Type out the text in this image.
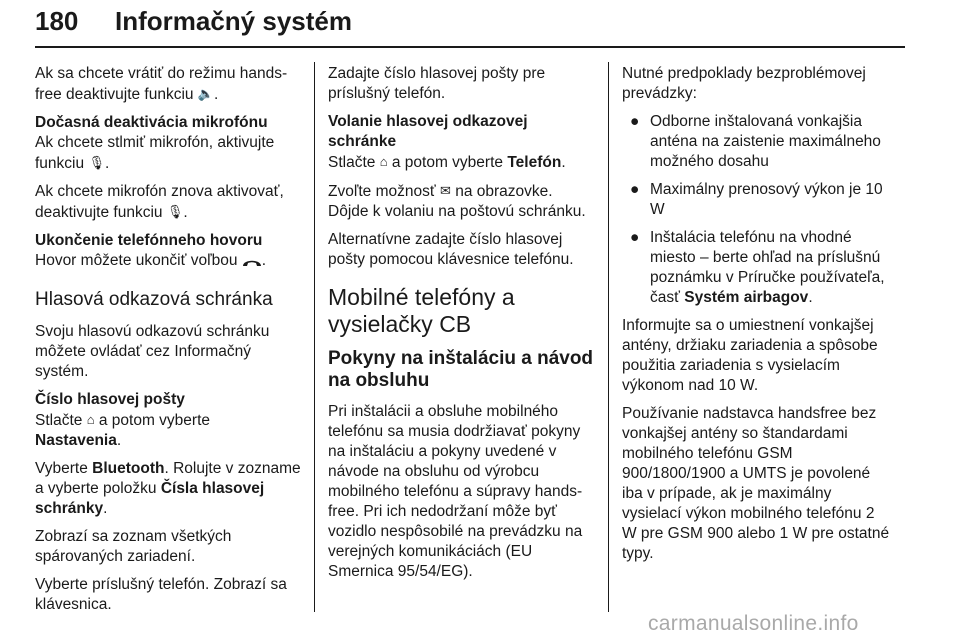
180 Informačný systém

Ak sa chcete vrátiť do režimu hands-free deaktivujte funkciu 🔈.

Dočasná deaktivácia mikrofónu

Ak chcete stlmiť mikrofón, aktivujte funkciu 🎙.

Ak chcete mikrofón znova aktivovať, deaktivujte funkciu 🎙.

Ukončenie telefónneho hovoru

Hovor môžete ukončiť voľbou .

Hlasová odkazová schránka

Svoju hlasovú odkazovú schránku môžete ovládať cez Informačný systém.

Číslo hlasovej pošty

Stlačte ⌂ a potom vyberte
Nastavenia.

Vyberte Bluetooth. Rolujte v zozname a vyberte položku Čísla hlasovej schránky.

Zobrazí sa zoznam všetkých spárovaných zariadení.

Vyberte príslušný telefón. Zobrazí sa klávesnica.

Zadajte číslo hlasovej pošty pre príslušný telefón.

Volanie hlasovej odkazovej schránke

Stlačte ⌂ a potom vyberte Telefón.

Zvoľte možnosť ✉ na obrazovke. Dôjde k volaniu na poštovú schránku.

Alternatívne zadajte číslo hlasovej pošty pomocou klávesnice telefónu.

Mobilné telefóny a vysielačky CB

Pokyny na inštaláciu a návod na obsluhu

Pri inštalácii a obsluhe mobilného telefónu sa musia dodržiavať pokyny na inštaláciu a pokyny uvedené v návode na obsluhu od výrobcu mobilného telefónu a súpravy hands-free. Pri ich nedodržaní môže byť vozidlo nespôsobilé na prevádzku na verejných komunikáciách (EU Smernica 95/54/EG).

Nutné predpoklady bezproblémovej prevádzky:

● Odborne inštalovaná vonkajšia anténa na zaistenie maximálneho možného dosahu
● Maximálny prenosový výkon je 10 W
● Inštalácia telefónu na vhodné miesto – berte ohľad na príslušnú poznámku v Príručke používateľa, časť Systém airbagov.

Informujte sa o umiestnení vonkajšej antény, držiaku zariadenia a spôsobe použitia zariadenia s vysielacím výkonom nad 10 W.

Používanie nadstavca handsfree bez vonkajšej antény so štandardami mobilného telefónu GSM 900/1800/1900 a UMTS je povolené iba v prípade, ak je maximálny vysielací výkon mobilného telefónu 2 W pre GSM 900 alebo 1 W pre ostatné typy.

carmanualsonline.info
